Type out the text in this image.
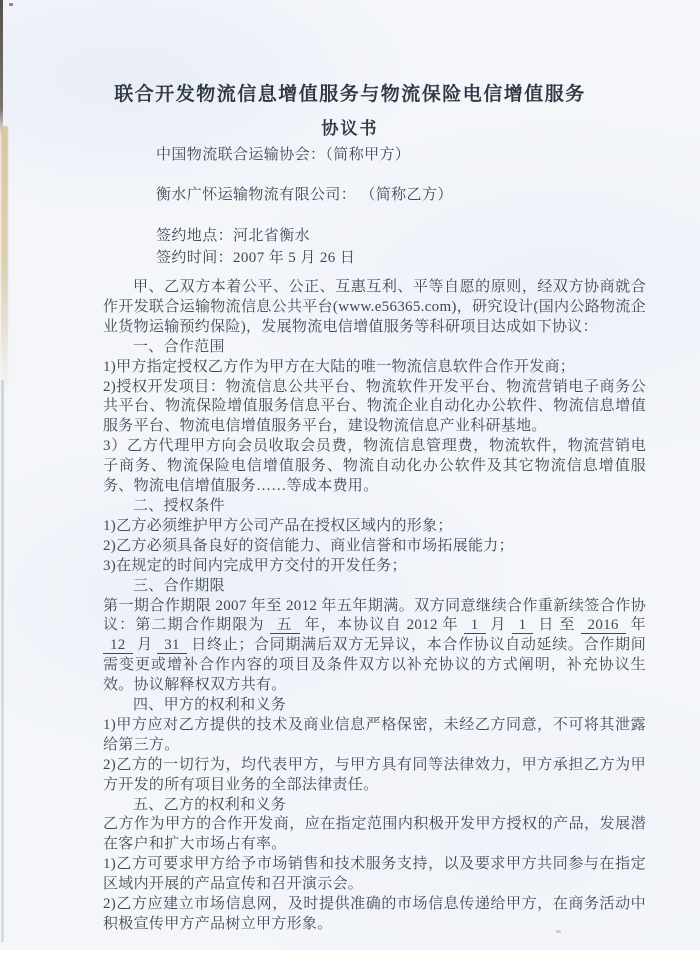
联合开发物流信息增值服务与物流保险电信增值服务
协议书

中国物流联合运输协会：（简称甲方）

衡水广怀运输物流有限公司： （简称乙方）

签约地点：河北省衡水

签约时间：2007 年 5 月 26 日

甲、乙双方本着公平、公正、互惠互利、平等自愿的原则，经双方协商就合作开发联合运输物流信息公共平台(www.e56365.com)，研究设计(国内公路物流企业货物运输预约保险)，发展物流电信增值服务等科研项目达成如下协议：

一、合作范围

1)甲方指定授权乙方作为甲方在大陆的唯一物流信息软件合作开发商；

2)授权开发项目：物流信息公共平台、物流软件开发平台、物流营销电子商务公共平台、物流保险增值服务信息平台、物流企业自动化办公软件、物流信息增值服务平台、物流电信增值服务平台，建设物流信息产业科研基地。

3）乙方代理甲方向会员收取会员费，物流信息管理费，物流软件，物流营销电子商务、物流保险电信增值服务、物流自动化办公软件及其它物流信息增值服务、物流电信增值服务……等成本费用。

二、授权条件

1)乙方必须维护甲方公司产品在授权区域内的形象；

2)乙方必须具备良好的资信能力、商业信誉和市场拓展能力；

3)在规定的时间内完成甲方交付的开发任务；

三、合作期限

第一期合作期限 2007 年至 2012 年五年期满。双方同意继续合作重新续签合作协议：第二期合作期限为 五 年，本协议自 2012 年 1 月 1 日 至 2016 年 12 月 31 日终止；合同期满后双方无异议，本合作协议自动延续。合作期间需变更或增补合作内容的项目及条件双方以补充协议的方式阐明，补充协议生效。协议解释权双方共有。

四、甲方的权利和义务

1)甲方应对乙方提供的技术及商业信息严格保密，未经乙方同意，不可将其泄露给第三方。

2)乙方的一切行为，均代表甲方，与甲方具有同等法律效力，甲方承担乙方为甲方开发的所有项目业务的全部法律责任。

五、乙方的权利和义务

乙方作为甲方的合作开发商，应在指定范围内积极开发甲方授权的产品，发展潜在客户和扩大市场占有率。

1)乙方可要求甲方给予市场销售和技术服务支持，以及要求甲方共同参与在指定区域内开展的产品宣传和召开演示会。

2)乙方应建立市场信息网，及时提供准确的市场信息传递给甲方，在商务活动中积极宣传甲方产品树立甲方形象。
